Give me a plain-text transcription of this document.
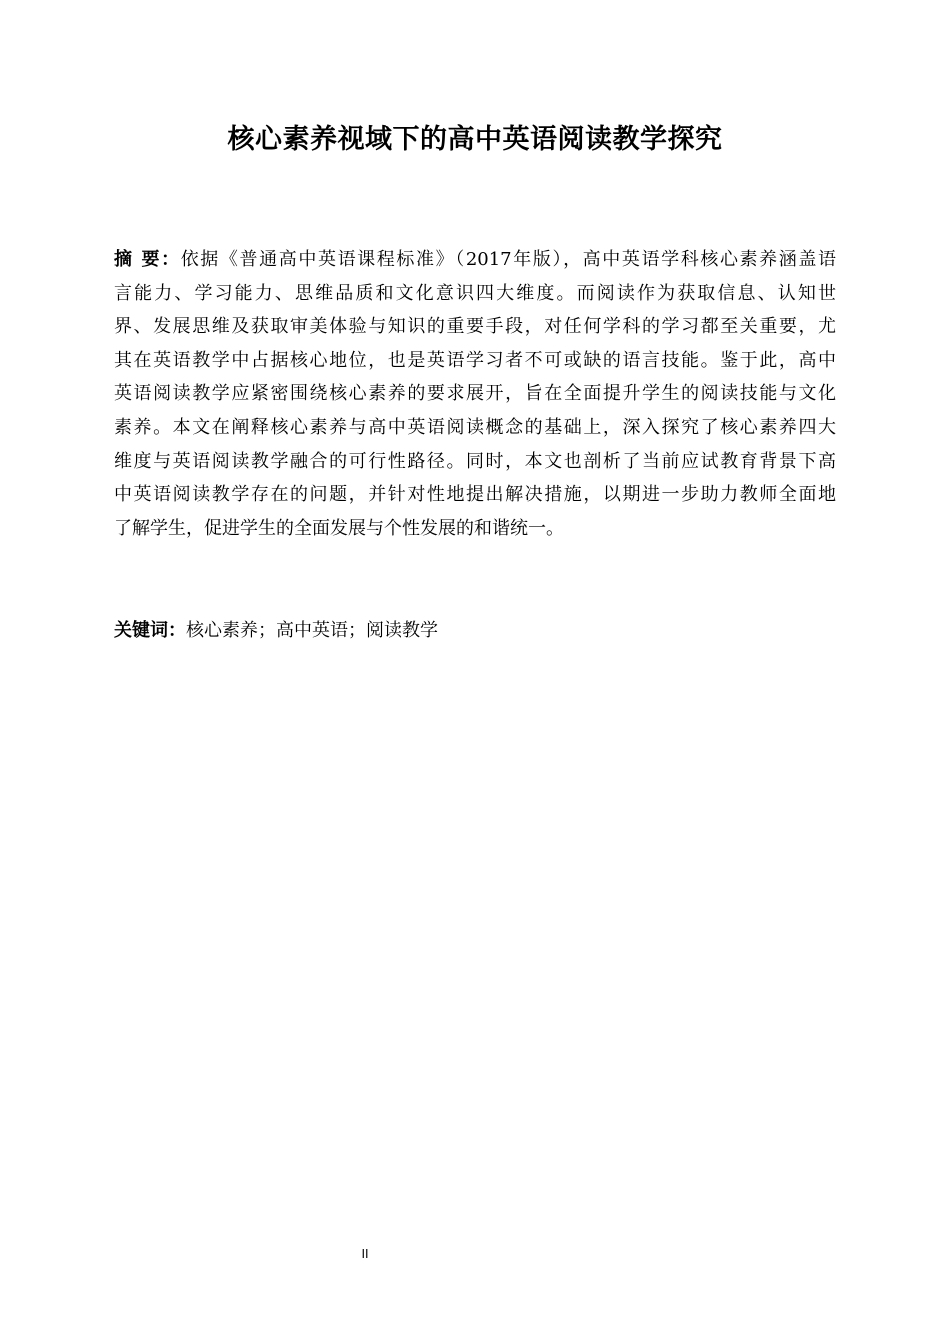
核心素养视域下的高中英语阅读教学探究
摘 要：依据《普通高中英语课程标准》（2017年版），高中英语学科核心素养涵盖语
言能力、学习能力、思维品质和文化意识四大维度。而阅读作为获取信息、认知世
界、发展思维及获取审美体验与知识的重要手段，对任何学科的学习都至关重要，尤
其在英语教学中占据核心地位，也是英语学习者不可或缺的语言技能。鉴于此，高中
英语阅读教学应紧密围绕核心素养的要求展开，旨在全面提升学生的阅读技能与文化
素养。本文在阐释核心素养与高中英语阅读概念的基础上，深入探究了核心素养四大
维度与英语阅读教学融合的可行性路径。同时，本文也剖析了当前应试教育背景下高
中英语阅读教学存在的问题，并针对性地提出解决措施，以期进一步助力教师全面地
了解学生，促进学生的全面发展与个性发展的和谐统一。

关键词：核心素养；高中英语；阅读教学

II
